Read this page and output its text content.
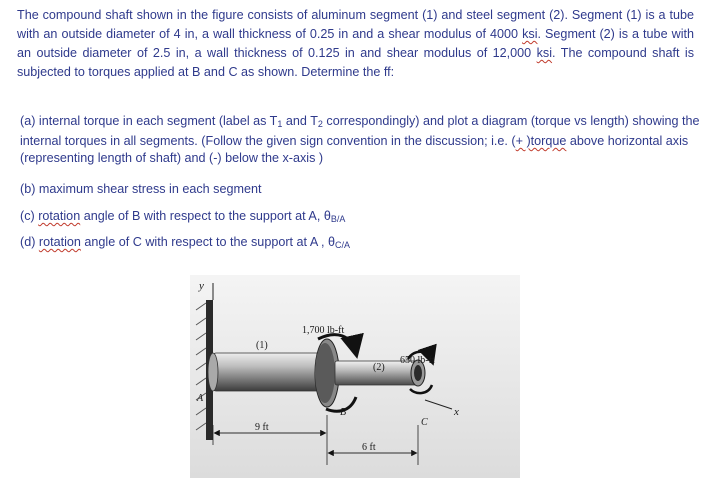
The compound shaft shown in the figure consists of aluminum segment (1) and steel segment (2). Segment (1) is a tube with an outside diameter of 4 in, a wall thickness of 0.25 in and a shear modulus of 4000 ksi. Segment (2) is a tube with an outside diameter of 2.5 in, a wall thickness of 0.125 in and shear modulus of 12,000 ksi. The compound shaft is subjected to torques applied at B and C as shown. Determine the ff:
(a) internal torque in each segment (label as $T_1$ and $T_2$ correspondingly) and plot a diagram (torque vs length) showing the internal torques in all segments. (Follow the given sign convention in the discussion; i.e. (+ )torque above horizontal axis (representing length of shaft) and (-) below the x-axis )
(b) maximum shear stress in each segment
(c) rotation angle of B with respect to the support at A, $\theta_{B/A}$
(d) rotation angle of C with respect to the support at A , $\theta_{C/A}$
y
(1)
1,700 lb-ft
B
(2)
650 lb-ft
C
x
A
9 ft
6 ft
